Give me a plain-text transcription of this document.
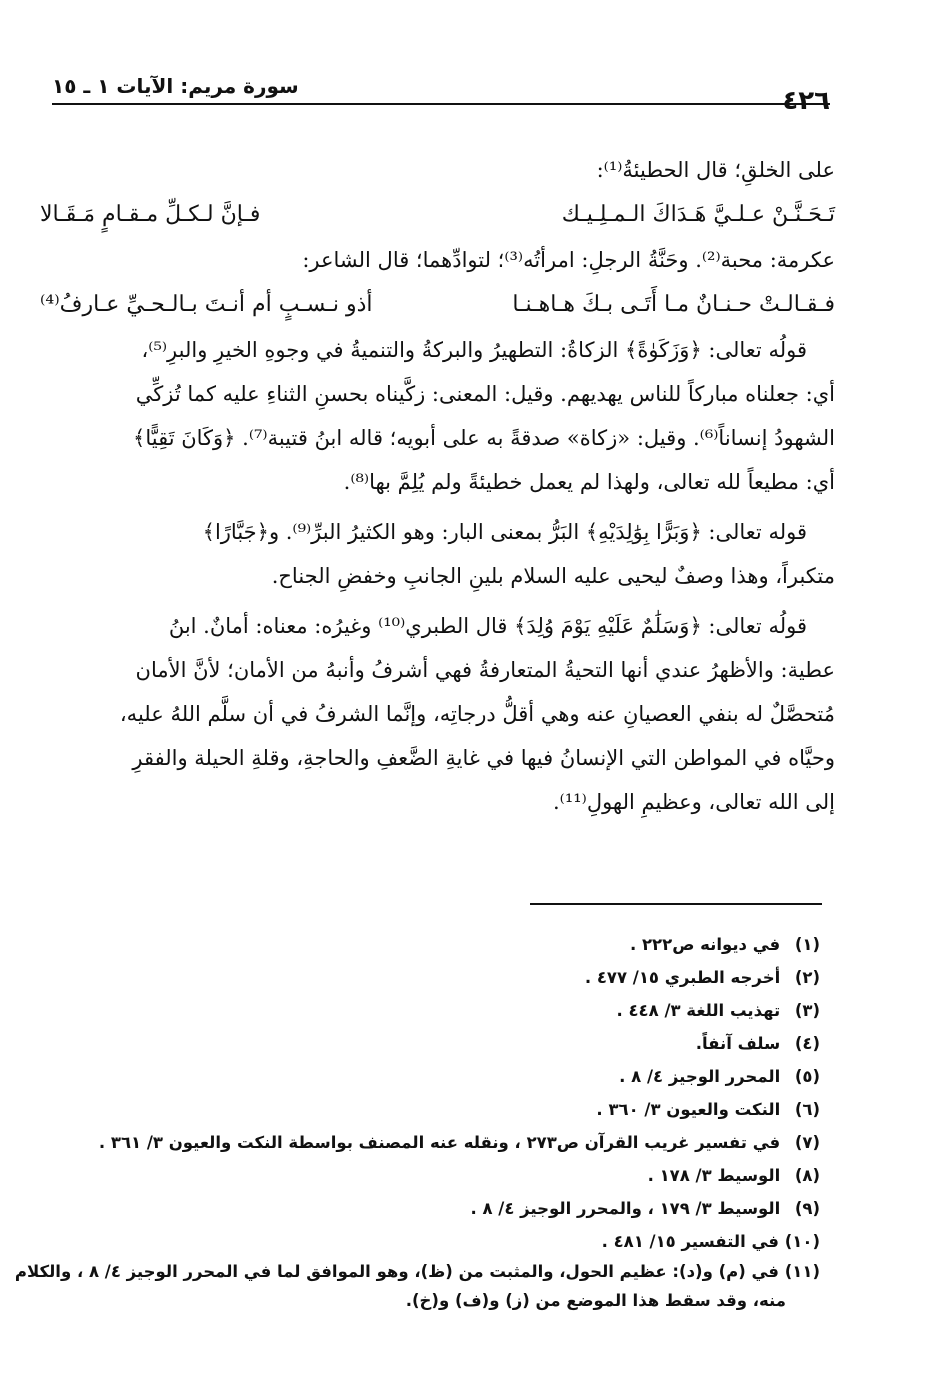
٤٢٦
سورة مريم: الآيات ١ ـ ١٥
على الخلقِ؛ قال الحطيئةُ⁽¹⁾:
تَـحَـنَّـنْ عـلـيَّ هَـدَاكَ الـمـلِـيـك
فـإنَّ لـكـلِّ مـقـامٍ مَـقَـالا
عكرمة: محبة⁽²⁾. وحَنَّةُ الرجلِ: امرأتُه⁽³⁾؛ لتوادِّهما؛ قال الشاعر:
فـقـالـتْ حـنـانٌ مـا أَتَـى بـكَ هـاهـنـا
أذو نـسـبٍ أم أنـتَ بـالـحـيِّ عـارفُ⁽⁴⁾
قولُه تعالى: ﴿وَزَكَوٰةً﴾ الزكاةُ: التطهيرُ والبركةُ والتنميةُ في وجوهِ الخيرِ والبرِ⁽⁵⁾،
أي: جعلناه مباركاً للناس يهديهم. وقيل: المعنى: زكَّيناه بحسنِ الثناءِ عليه كما تُزكِّي
الشهودُ إنساناً⁽⁶⁾. وقيل: «زكاة» صدقةً به على أبويه؛ قاله ابنُ قتيبة⁽⁷⁾. ﴿وَكَانَ تَقِيًّا﴾
أي: مطيعاً لله تعالى، ولهذا لم يعمل خطيئةً ولم يُلِمَّ بها⁽⁸⁾.
قوله تعالى: ﴿وَبَرًّا بِوَٰلِدَيْهِ﴾ البَرُّ بمعنى البار: وهو الكثيرُ البرِّ⁽⁹⁾. و﴿جَبَّارًا﴾
متكبراً، وهذا وصفٌ ليحيى عليه السلام بلينِ الجانبِ وخفضِ الجناح.
قولُه تعالى: ﴿وَسَلَٰمٌ عَلَيْهِ يَوْمَ وُلِدَ﴾ قال الطبري⁽¹⁰⁾ وغيرُه: معناه: أمانٌ. ابنُ
عطية: والأظهرُ عندي أنها التحيةُ المتعارفةُ فهي أشرفُ وأنبهُ من الأمان؛ لأنَّ الأمان
مُتحصَّلٌ له بنفي العصيانِ عنه وهي أقلُّ درجاتِه، وإنَّما الشرفُ في أن سلَّم اللهُ عليه،
وحيَّاه في المواطن التي الإنسانُ فيها في غايةِ الضَّعفِ والحاجةِ، وقلةِ الحيلة والفقرِ
إلى الله تعالى، وعظيمِ الهولِ⁽¹¹⁾.
(١) في ديوانه ص٢٢٢ .
(٢) أخرجه الطبري ١٥/ ٤٧٧ .
(٣) تهذيب اللغة ٣/ ٤٤٨ .
(٤) سلف آنفاً.
(٥) المحرر الوجيز ٤/ ٨ .
(٦) النكت والعيون ٣/ ٣٦٠ .
(٧) في تفسير غريب القرآن ص٢٧٣ ، ونقله عنه المصنف بواسطة النكت والعيون ٣/ ٣٦١ .
(٨) الوسيط ٣/ ١٧٨ .
(٩) الوسيط ٣/ ١٧٩ ، والمحرر الوجيز ٤/ ٨ .
(١٠) في التفسير ١٥/ ٤٨١ .
(١١) في (م) و(د): عظيم الحول، والمثبت من (ظ)، وهو الموافق لما في المحرر الوجيز ٤/ ٨ ، والكلام
منه، وقد سقط هذا الموضع من (ز) و(ف) و(خ).
